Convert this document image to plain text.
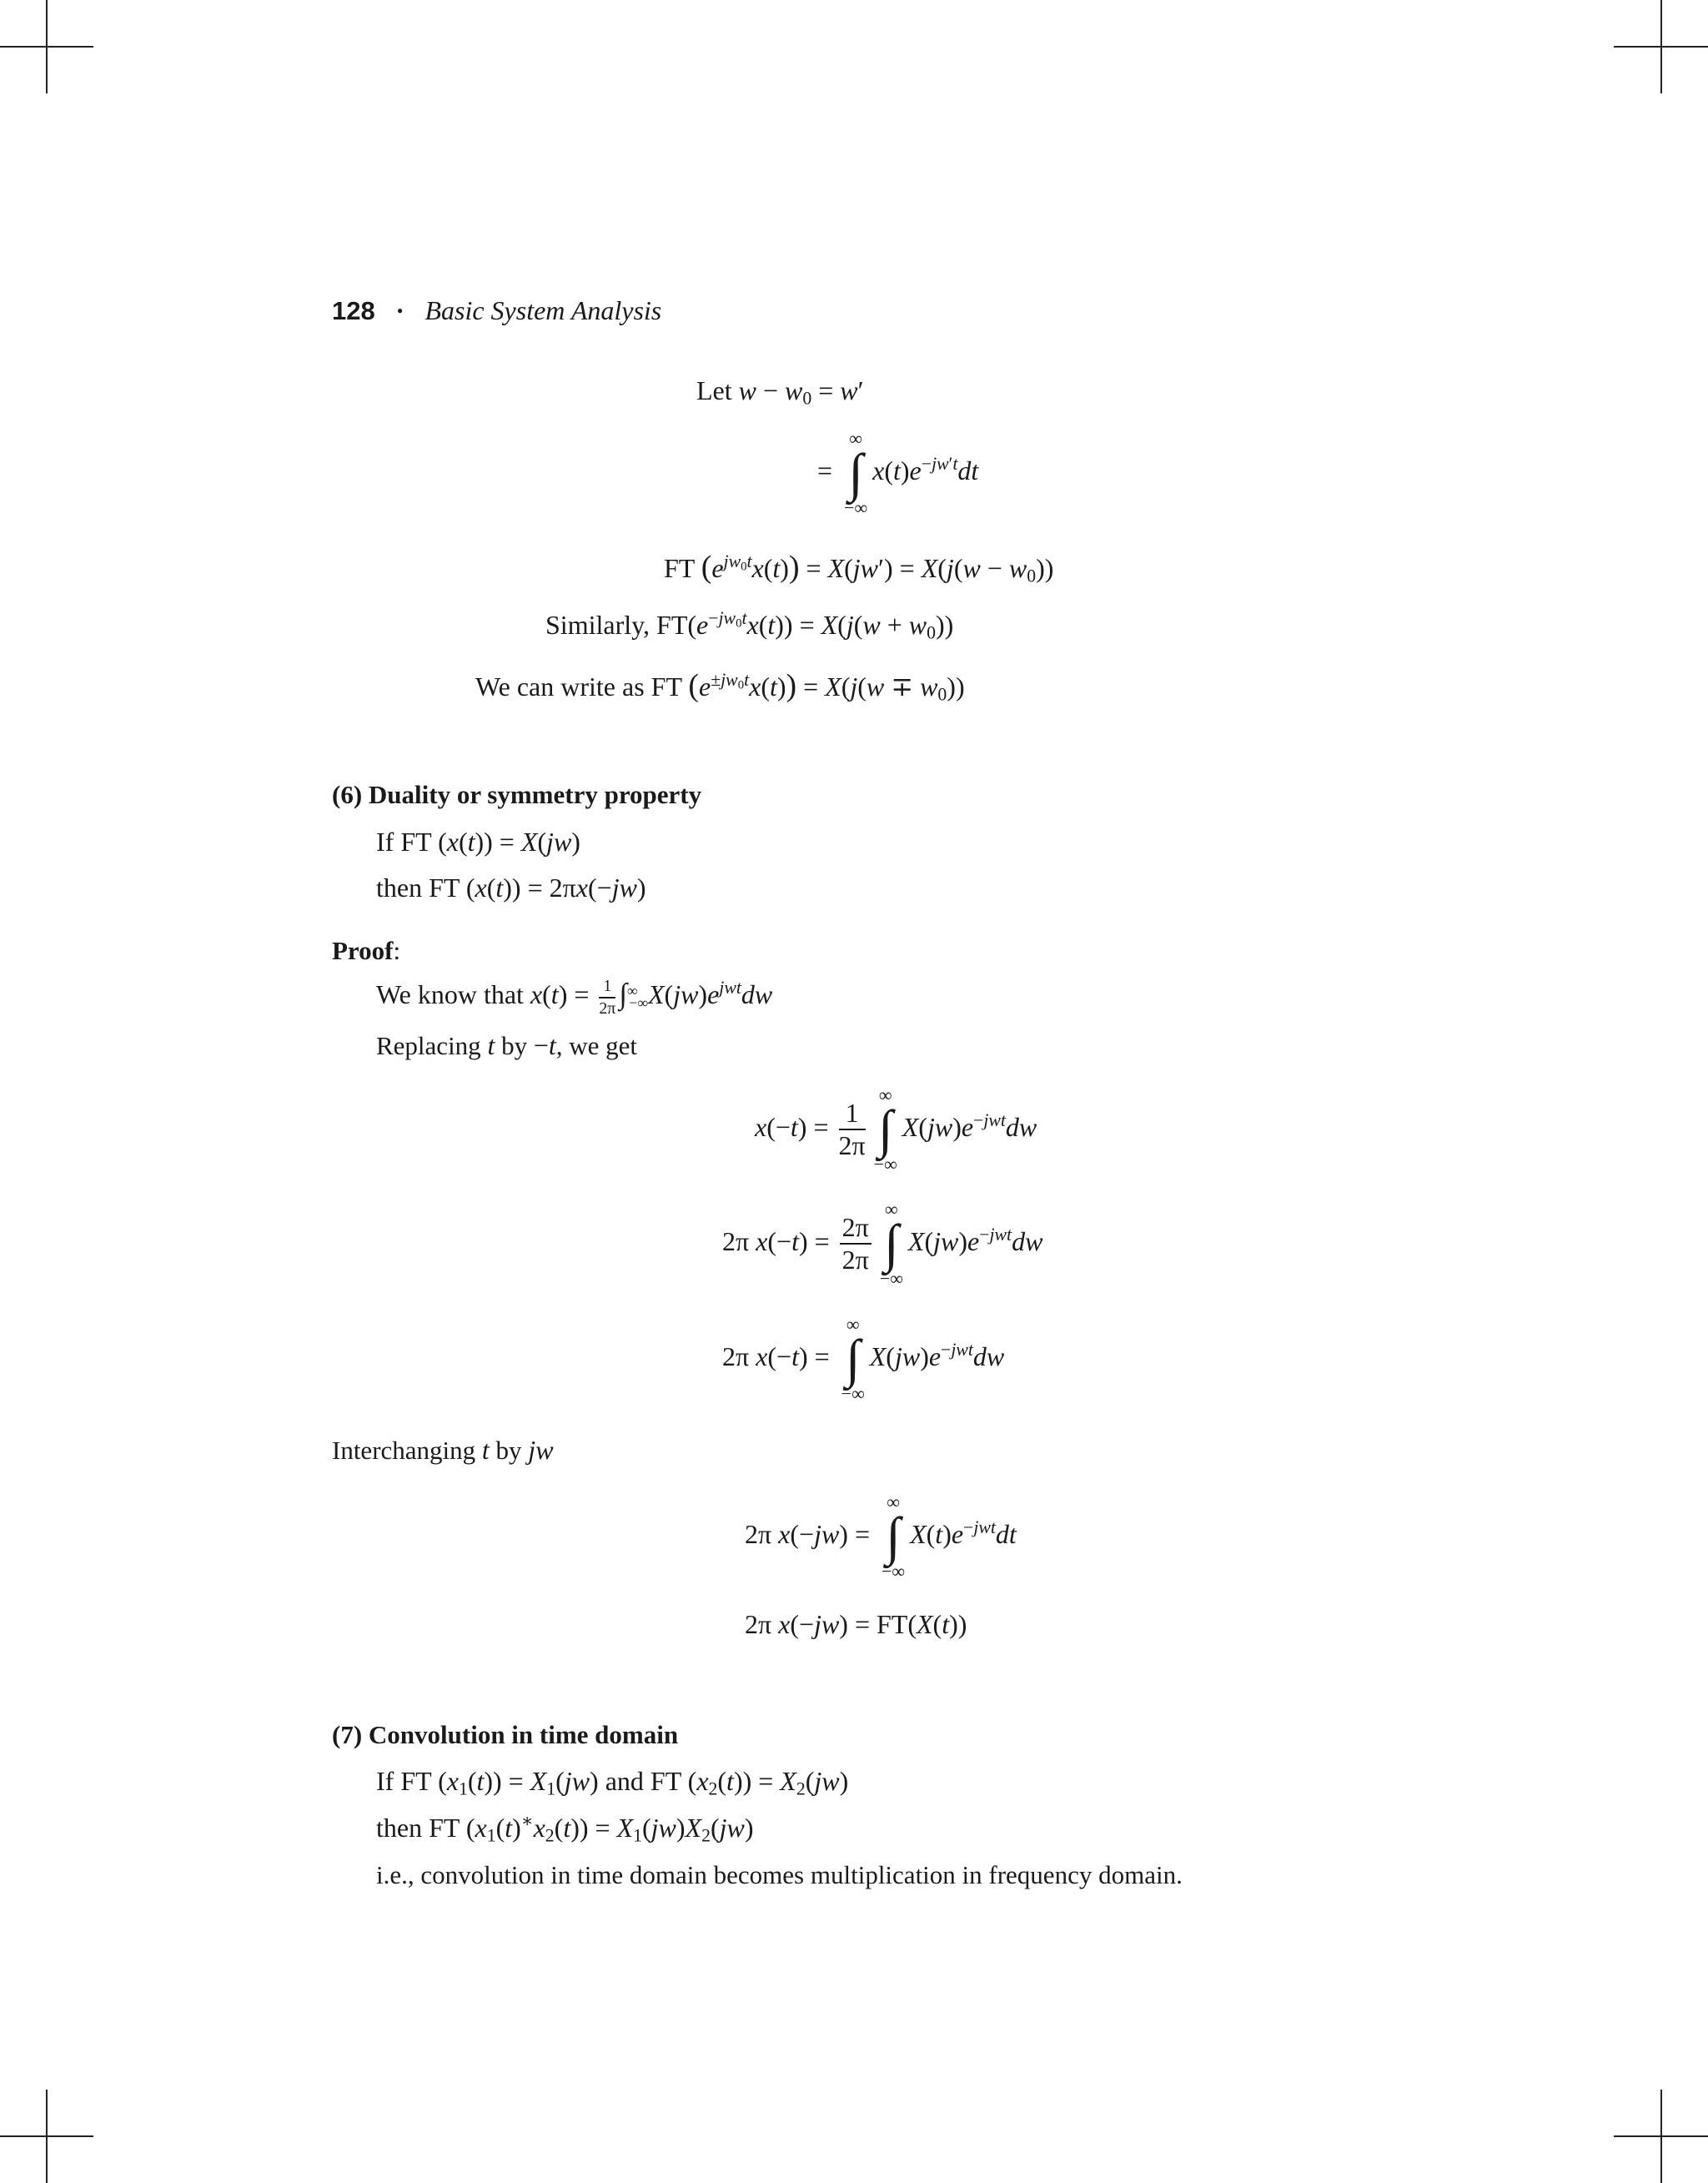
128 • Basic System Analysis
Let $w - w_0 = w'$
=
∞
∫
−∞
$x(t)e^{-jw't}dt$
FT $(e^{jw_0t}x(t)) = X(jw') = X(j(w - w_0))$
Similarly, $FT(e^{-jw_0t}x(t)) = X(j(w + w_0))$
We can write as FT $(e^{\pm jw_0t}x(t)) = X(j(w \mp w_0))$
(6) Duality or symmetry property
If FT (x(t)) = X(jw)
then FT (x(t)) = 2πx(−jw)
Proof:
We know that $x(t) = \frac{1}{2\pi} \int^\infty_{-\infty}X(jw)e^{jwt}dw$
Replacing t by −t, we get
$x(-t) = \frac{1}{2\pi}$
∞
∫
−∞
$X(jw)e^{-jwt}dw$
2π $x(-t) = \frac{2\pi}{2\pi}$
∞
∫
−∞
$X(jw)e^{-jwt}dw$
2π x(−t) =
∞
∫
−∞
$X(jw)e^{-jwt}dw$
Interchanging t by jw
2π x(−jw) =
∞
∫
−∞
$X(t)e^{-jwt}dt$
2π x(−jw) = FT(X(t))
(7) Convolution in time domain
If FT $(x_1(t)) = X_1(jw)$ and FT $(x_2(t)) = X_2(jw)$
then FT $(x_1(t)^∗x_2(t)) = X_1(jw)X_2(jw)$
i.e., convolution in time domain becomes multiplication in frequency domain.
